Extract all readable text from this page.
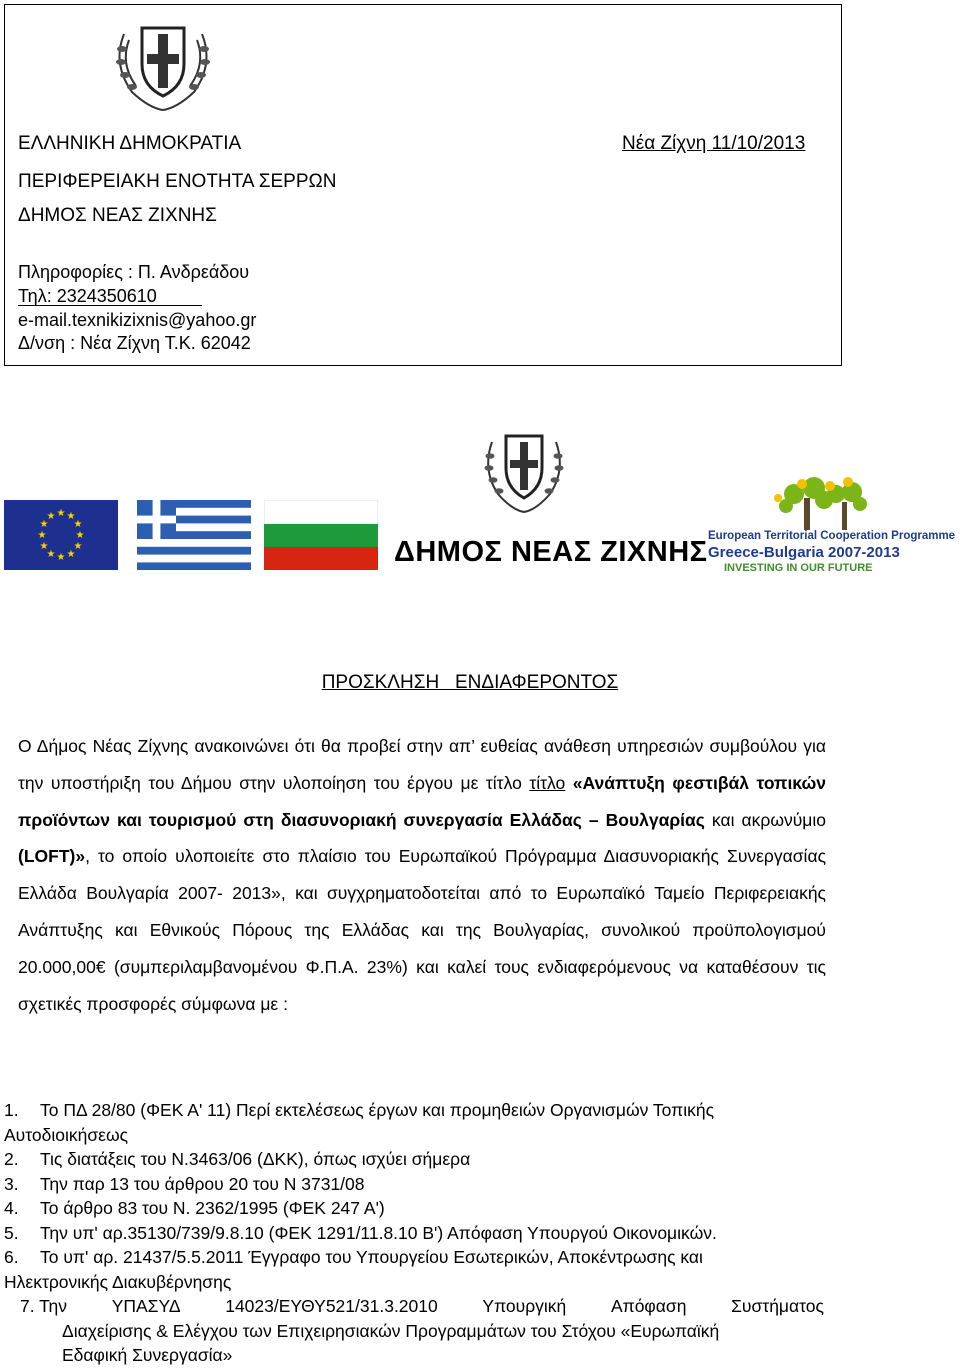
ΕΛΛΗΝΙΚΗ ΔΗΜΟΚΡΑΤΙΑ
ΠΕΡΙΦΕΡΕΙΑΚΗ ΕΝΟΤΗΤΑ ΣΕΡΡΩΝ
ΔΗΜΟΣ ΝΕΑΣ ΖΙΧΝΗΣ
Νέα Ζίχνη 11/10/2013
Πληροφορίες : Π. Ανδρεάδου
Τηλ: 2324350610
e-mail.texnikizixnis@yahoo.gr
Δ/νση : Νέα Ζίχνη Τ.Κ. 62042
★ ★
★
★
★
★
★
★
★
★
★
★
ΔΗΜΟΣ ΝΕΑΣ ΖΙΧΝΗΣ European Territorial Cooperation Programme
Greece-Bulgaria 2007-2013
INVESTING IN OUR FUTURE
ΠΡΟΣΚΛΗΣΗ   ΕΝΔΙΑΦΕΡΟΝΤΟΣ
Ο Δήμος Νέας Ζίχνης ανακοινώνει ότι θα προβεί στην απ’ ευθείας ανάθεση υπηρεσιών συμβούλου για την υποστήριξη του Δήμου στην υλοποίηση του έργου με τίτλο τίτλο «Ανάπτυξη φεστιβάλ τοπικών προϊόντων και τουρισμού στη διασυνοριακή συνεργασία Ελλάδας – Βουλγαρίας και ακρωνύμιο (LOFT)», το οποίο υλοποιείτε στο πλαίσιο του Ευρωπαϊκού Πρόγραμμα Διασυνοριακής Συνεργασίας Ελλάδα Βουλγαρία 2007- 2013», και συγχρηματοδοτείται από το Ευρωπαϊκό Ταμείο Περιφερειακής Ανάπτυξης και Εθνικούς Πόρους της Ελλάδας και της Βουλγαρίας, συνολικού προϋπολογισμού 20.000,00€ (συμπεριλαμβανομένου Φ.Π.Α. 23%) και καλεί τους ενδιαφερόμενους να καταθέσουν τις σχετικές προσφορές σύμφωνα με :
1. Το ΠΔ 28/80 (ΦΕΚ Α' 11) Περί εκτελέσεως έργων και προμηθειών Οργανισμών Τοπικής
Αυτοδιοικήσεως
2. Τις διατάξεις του Ν.3463/06 (ΔΚΚ), όπως ισχύει σήμερα
3. Την παρ 13 του άρθρου 20 του Ν 3731/08
4. Το άρθρο 83 του Ν. 2362/1995 (ΦΕΚ 247 Α')
5. Την υπ' αρ.35130/739/9.8.10 (ΦΕΚ 1291/11.8.10 Β') Απόφαση Υπουργού Οικονομικών.
6. Το υπ' αρ. 21437/5.5.2011 Έγγραφο του Υπουργείου Εσωτερικών, Αποκέντρωσης και
Ηλεκτρονικής Διακυβέρνησης
7. Την	ΥΠΑΣΥΔ	14023/ΕΥΘΥ521/31.3.2010	Υπουργική	Απόφαση	Συστήματος
Διαχείρισης & Ελέγχου των Επιχειρησιακών Προγραμμάτων του Στόχου «Ευρωπαϊκή
Εδαφική Συνεργασία»
